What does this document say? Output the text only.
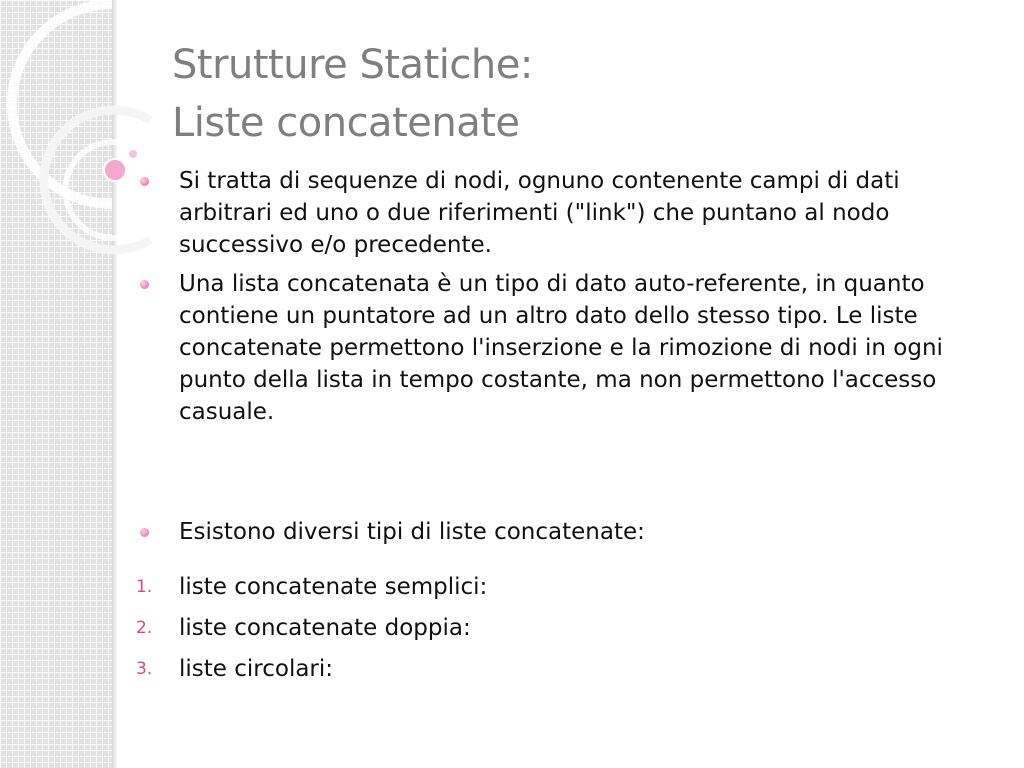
Strutture Statiche:
Liste concatenate
Si tratta di sequenze di nodi, ognuno contenente campi di dati arbitrari ed uno o due riferimenti ("link") che puntano al nodo successivo e/o precedente.
Una lista concatenata è un tipo di dato auto-referente, in quanto contiene un puntatore ad un altro dato dello stesso tipo. Le liste concatenate permettono l'inserzione e la rimozione di nodi in ogni punto della lista in tempo costante, ma non permettono l'accesso casuale.
Esistono diversi tipi di liste concatenate:
1. liste concatenate semplici:
2. liste concatenate doppia:
3. liste circolari:
